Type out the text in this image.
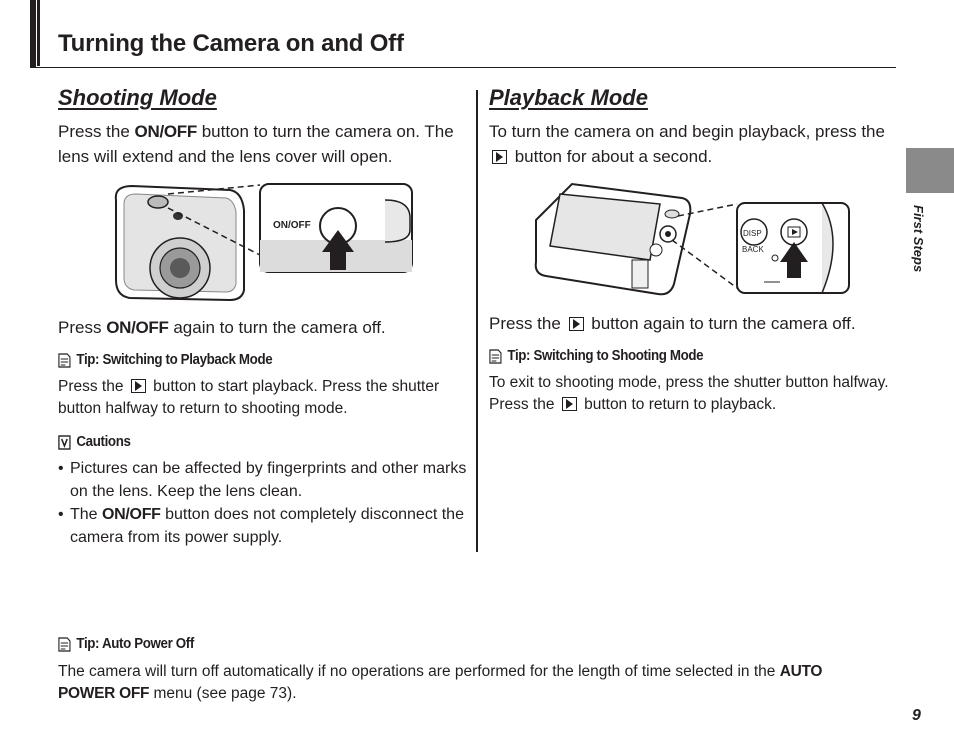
Turning the Camera on and Off
Shooting Mode

Press the ON/OFF button to turn the camera on. The lens will extend and the lens cover will open.

ON/OFF

Press ON/OFF again to turn the camera off.

Tip: Switching to Playback Mode

Press the  button to start playback. Press the shutter button halfway to return to shooting mode.

Cautions
• Pictures can be affected by fingerprints and other marks on the lens. Keep the lens clean.
• The ON/OFF button does not completely disconnect the camera from its power supply.
Playback Mode

To turn the camera on and begin playback, press the  button for about a second.

DISP
BACK

Press the  button again to turn the camera off.

Tip: Switching to Shooting Mode

To exit to shooting mode, press the shutter button halfway. Press the  button to return to playback.

Tip: Auto Power Off

The camera will turn off automatically if no operations are performed for the length of time selected in the AUTO POWER OFF menu (see page 73).

First Steps
9
